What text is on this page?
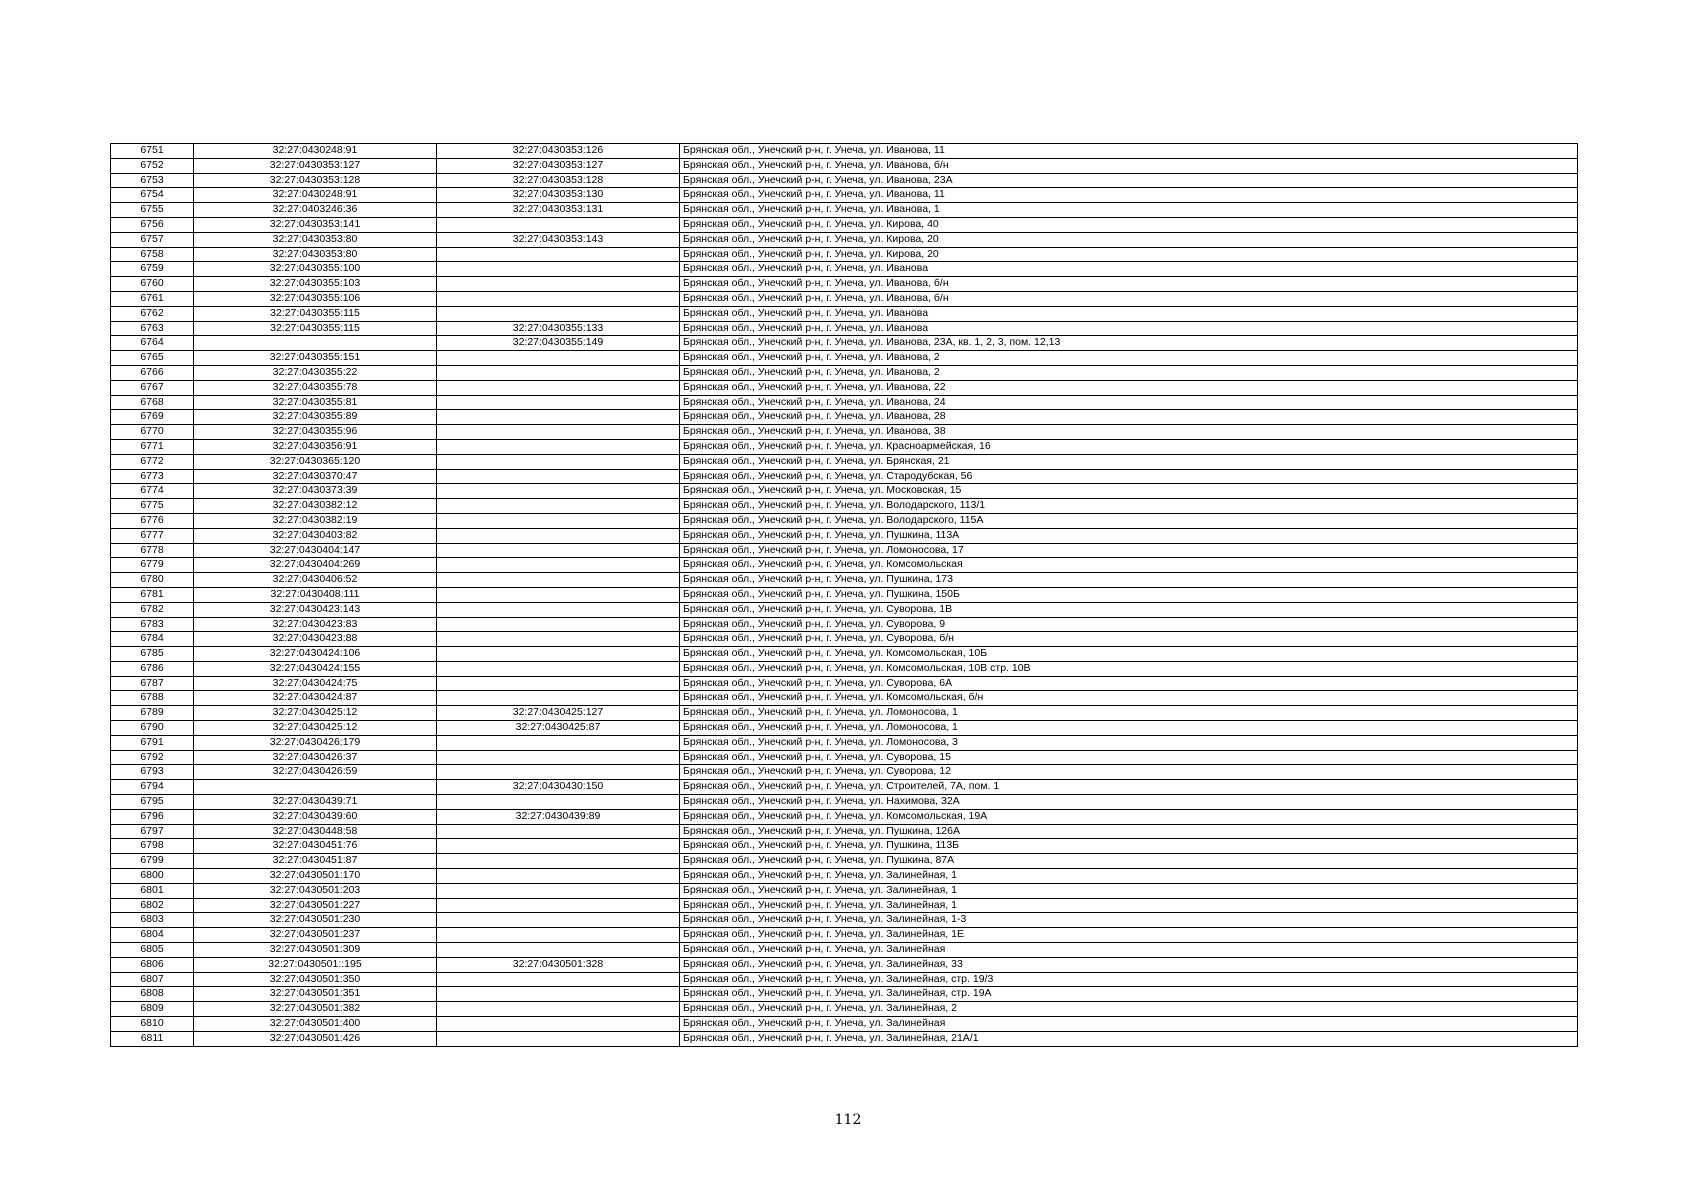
6751	32:27:0430248:91	32:27:0430353:126	Брянская обл., Унечский р-н, г. Унеча, ул. Иванова, 11
6752	32:27:0430353:127	32:27:0430353:127	Брянская обл., Унечский р-н, г. Унеча, ул. Иванова, б/н
6753	32:27:0430353:128	32:27:0430353:128	Брянская обл., Унечский р-н, г. Унеча, ул. Иванова, 23А
6754	32:27:0430248:91	32:27:0430353:130	Брянская обл., Унечский р-н, г. Унеча, ул. Иванова, 11
6755	32:27:0403246:36	32:27:0430353:131	Брянская обл., Унечский р-н, г. Унеча, ул. Иванова, 1
6756	32:27:0430353:141		Брянская обл., Унечский р-н, г. Унеча, ул. Кирова, 40
6757	32:27:0430353:80	32:27:0430353:143	Брянская обл., Унечский р-н, г. Унеча, ул. Кирова, 20
6758	32:27:0430353:80		Брянская обл., Унечский р-н, г. Унеча, ул. Кирова, 20
6759	32:27:0430355:100		Брянская обл., Унечский р-н, г. Унеча, ул. Иванова
6760	32:27:0430355:103		Брянская обл., Унечский р-н, г. Унеча, ул. Иванова, б/н
6761	32:27:0430355:106		Брянская обл., Унечский р-н, г. Унеча, ул. Иванова, б/н
6762	32:27:0430355:115		Брянская обл., Унечский р-н, г. Унеча, ул. Иванова
6763	32:27:0430355:115	32:27:0430355:133	Брянская обл., Унечский р-н, г. Унеча, ул. Иванова
6764		32:27:0430355:149	Брянская обл., Унечский р-н, г. Унеча, ул. Иванова, 23А, кв. 1, 2, 3, пом. 12,13
6765	32:27:0430355:151		Брянская обл., Унечский р-н, г. Унеча, ул. Иванова, 2
6766	32:27:0430355:22		Брянская обл., Унечский р-н, г. Унеча, ул. Иванова, 2
6767	32:27:0430355:78		Брянская обл., Унечский р-н, г. Унеча, ул. Иванова, 22
6768	32:27:0430355:81		Брянская обл., Унечский р-н, г. Унеча, ул. Иванова, 24
6769	32:27:0430355:89		Брянская обл., Унечский р-н, г. Унеча, ул. Иванова, 28
6770	32:27:0430355:96		Брянская обл., Унечский р-н, г. Унеча, ул. Иванова, 38
6771	32:27:0430356:91		Брянская обл., Унечский р-н, г. Унеча, ул. Красноармейская, 16
6772	32:27:0430365:120		Брянская обл., Унечский р-н, г. Унеча, ул. Брянская, 21
6773	32:27:0430370:47		Брянская обл., Унечский р-н, г. Унеча, ул. Стародубская, 56
6774	32:27:0430373:39		Брянская обл., Унечский р-н, г. Унеча, ул. Московская, 15
6775	32:27:0430382:12		Брянская обл., Унечский р-н, г. Унеча, ул. Володарского, 113/1
6776	32:27:0430382:19		Брянская обл., Унечский р-н, г. Унеча, ул. Володарского, 115А
6777	32:27:0430403:82		Брянская обл., Унечский р-н, г. Унеча, ул. Пушкина, 113А
6778	32:27:0430404:147		Брянская обл., Унечский р-н, г. Унеча, ул. Ломоносова, 17
6779	32:27:0430404:269		Брянская обл., Унечский р-н, г. Унеча, ул. Комсомольская
6780	32:27:0430406:52		Брянская обл., Унечский р-н, г. Унеча, ул. Пушкина, 173
6781	32:27:0430408:111		Брянская обл., Унечский р-н, г. Унеча, ул. Пушкина, 150Б
6782	32:27:0430423:143		Брянская обл., Унечский р-н, г. Унеча, ул. Суворова, 1В
6783	32:27:0430423:83		Брянская обл., Унечский р-н, г. Унеча, ул. Суворова, 9
6784	32:27:0430423:88		Брянская обл., Унечский р-н, г. Унеча, ул. Суворова, б/н
6785	32:27:0430424:106		Брянская обл., Унечский р-н, г. Унеча, ул. Комсомольская, 10Б
6786	32:27:0430424:155		Брянская обл., Унечский р-н, г. Унеча, ул. Комсомольская, 10В стр. 10В
6787	32:27:0430424:75		Брянская обл., Унечский р-н, г. Унеча, ул. Суворова, 6А
6788	32:27:0430424:87		Брянская обл., Унечский р-н, г. Унеча, ул. Комсомольская, б/н
6789	32:27:0430425:12	32:27:0430425:127	Брянская обл., Унечский р-н, г. Унеча, ул. Ломоносова, 1
6790	32:27:0430425:12	32:27:0430425:87	Брянская обл., Унечский р-н, г. Унеча, ул. Ломоносова, 1
6791	32:27:0430426:179		Брянская обл., Унечский р-н, г. Унеча, ул. Ломоносова, 3
6792	32:27:0430426:37		Брянская обл., Унечский р-н, г. Унеча, ул. Суворова, 15
6793	32:27:0430426:59		Брянская обл., Унечский р-н, г. Унеча, ул. Суворова, 12
6794		32:27:0430430:150	Брянская обл., Унечский р-н, г. Унеча, ул. Строителей, 7А, пом. 1
6795	32:27:0430439:71		Брянская обл., Унечский р-н, г. Унеча, ул. Нахимова, 32А
6796	32:27:0430439:60	32:27:0430439:89	Брянская обл., Унечский р-н, г. Унеча, ул. Комсомольская, 19А
6797	32:27:0430448:58		Брянская обл., Унечский р-н, г. Унеча, ул. Пушкина, 126А
6798	32:27:0430451:76		Брянская обл., Унечский р-н, г. Унеча, ул. Пушкина, 113Б
6799	32:27:0430451:87		Брянская обл., Унечский р-н, г. Унеча, ул. Пушкина, 87А
6800	32:27:0430501:170		Брянская обл., Унечский р-н, г. Унеча, ул. Залинейная, 1
6801	32:27:0430501:203		Брянская обл., Унечский р-н, г. Унеча, ул. Залинейная, 1
6802	32:27:0430501:227		Брянская обл., Унечский р-н, г. Унеча, ул. Залинейная, 1
6803	32:27:0430501:230		Брянская обл., Унечский р-н, г. Унеча, ул. Залинейная, 1-3
6804	32:27:0430501:237		Брянская обл., Унечский р-н, г. Унеча, ул. Залинейная, 1Е
6805	32:27:0430501:309		Брянская обл., Унечский р-н, г. Унеча, ул. Залинейная
6806	32:27:0430501::195	32:27:0430501:328	Брянская обл., Унечский р-н, г. Унеча, ул. Залинейная, 33
6807	32:27:0430501:350		Брянская обл., Унечский р-н, г. Унеча, ул. Залинейная, стр. 19/3
6808	32:27:0430501:351		Брянская обл., Унечский р-н, г. Унеча, ул. Залинейная, стр. 19А
6809	32:27:0430501:382		Брянская обл., Унечский р-н, г. Унеча, ул. Залинейная, 2
6810	32:27:0430501:400		Брянская обл., Унечский р-н, г. Унеча, ул. Залинейная
6811	32:27:0430501:426		Брянская обл., Унечский р-н, г. Унеча, ул. Залинейная, 21А/1
112
